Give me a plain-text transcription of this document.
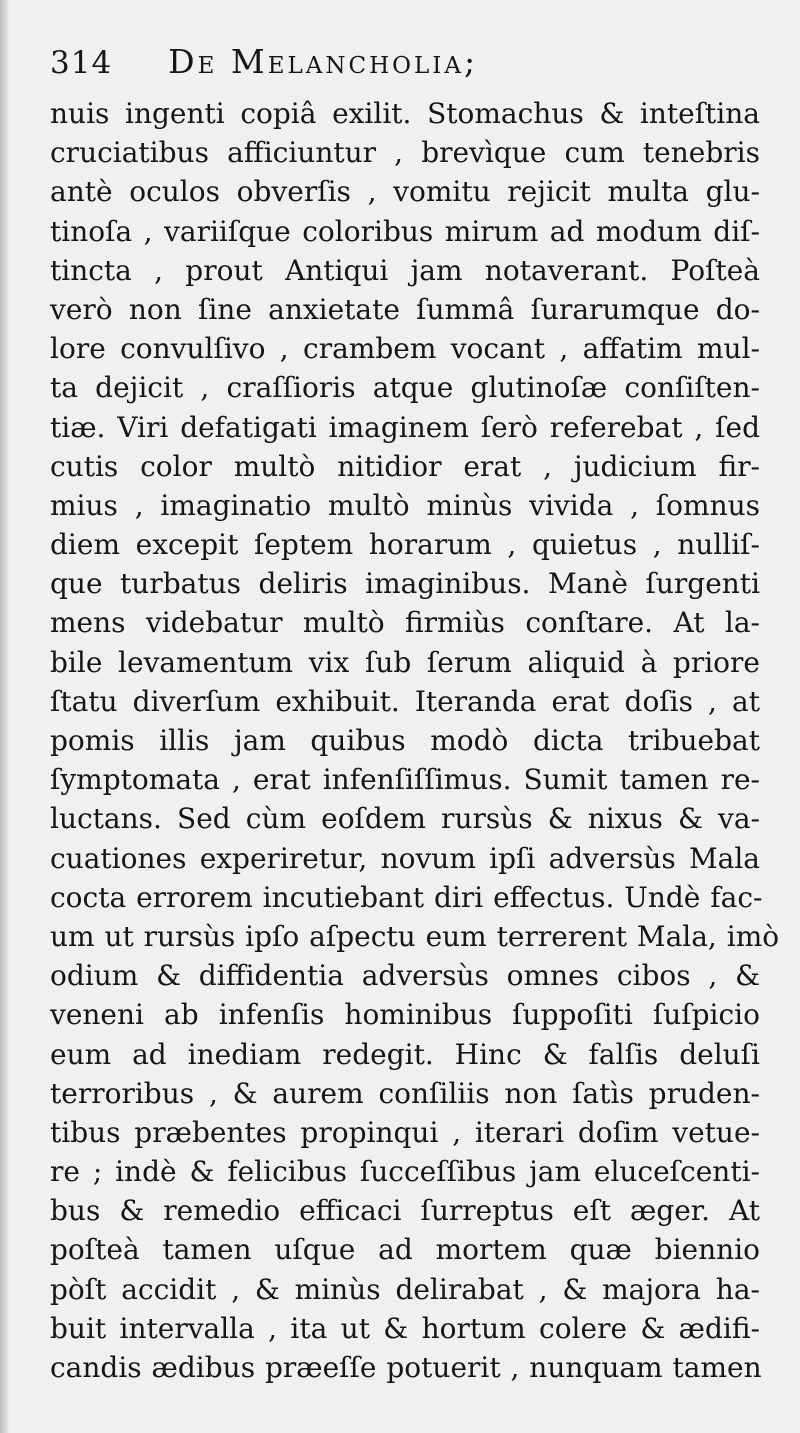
314 De Melancholia;
nuis ingenti copiâ exilit. Stomachus & inteſtina
cruciatibus afficiuntur , brevìque cum tenebris
antè oculos obverſis , vomitu rejicit multa glu-
tinoſa , variiſque coloribus mirum ad modum diſ-
tincta , prout Antiqui jam notaverant. Poſteà
verò non ſine anxietate ſummâ ſurarumque do-
lore convulſivo , crambem vocant , affatim mul-
ta dejicit , craſſioris atque glutinoſæ conſiſten-
tiæ. Viri defatigati imaginem ſerò referebat , ſed
cutis color multò nitidior erat , judicium fir-
mius , imaginatio multò minùs vivida , ſomnus
diem excepit ſeptem horarum , quietus , nulliſ-
que turbatus deliris imaginibus. Manè ſurgenti
mens videbatur multò firmiùs conſtare. At la-
bile levamentum vix ſub ſerum aliquid à priore
ſtatu diverſum exhibuit. Iteranda erat doſis , at
pomis illis jam quibus modò dicta tribuebat
ſymptomata , erat infenſiſſimus. Sumit tamen re-
luctans. Sed cùm eoſdem rursùs & nixus & va-
cuationes experiretur, novum ipſi adversùs Mala
cocta errorem incutiebant diri effectus. Undè fac-
um ut rursùs ipſo aſpectu eum terrerent Mala, imò
odium & diffidentia adversùs omnes cibos , &
veneni ab infenſis hominibus ſuppoſiti ſuſpicio
eum ad inediam redegit. Hinc & falſis deluſi
terroribus , & aurem conſiliis non ſatìs pruden-
tibus præbentes propinqui , iterari doſim vetue-
re ; indè & felicibus ſucceſſibus jam eluceſcenti-
bus & remedio efficaci ſurreptus eſt æger. At
poſteà tamen uſque ad mortem quæ biennio
pòſt accidit , & minùs delirabat , & majora ha-
buit intervalla , ita ut & hortum colere & ædifi-
candis ædibus præeſſe potuerit , nunquam tamen
